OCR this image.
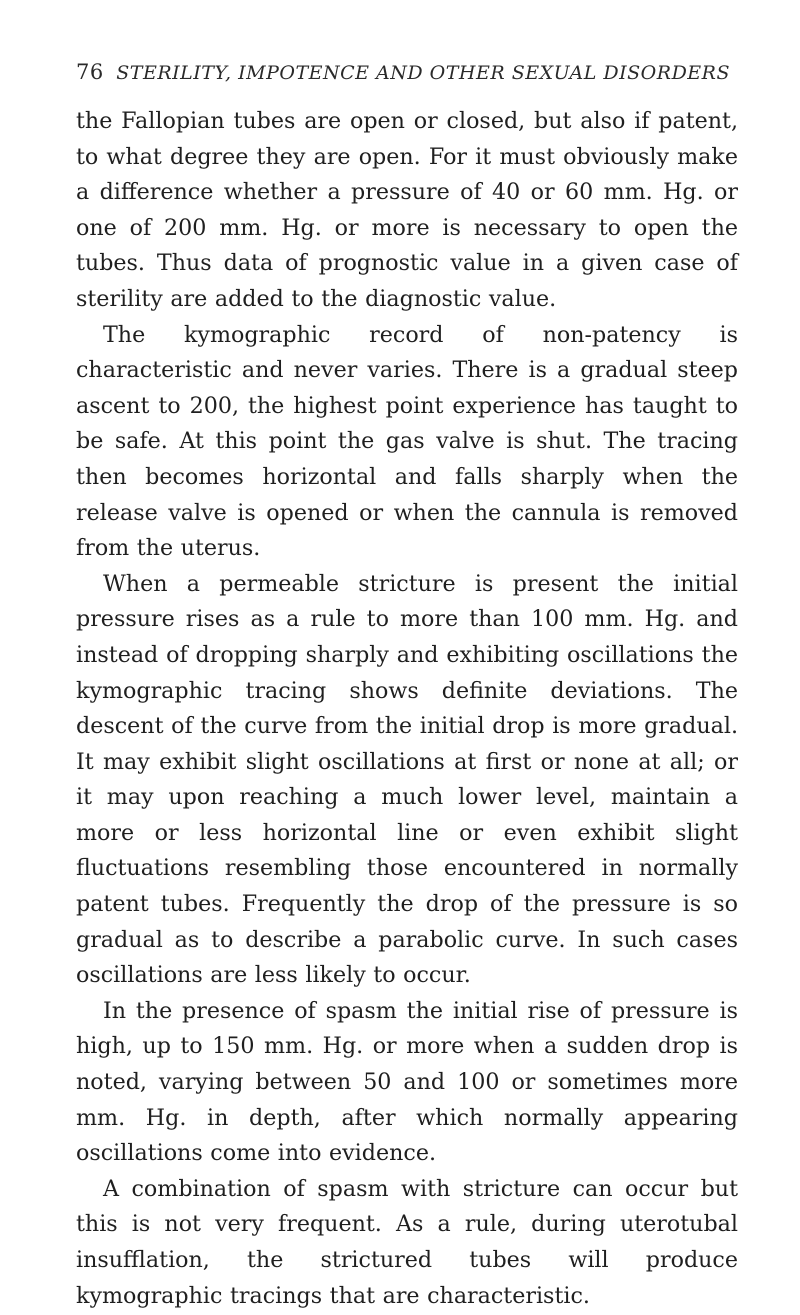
76 STERILITY, IMPOTENCE AND OTHER SEXUAL DISORDERS

the Fallopian tubes are open or closed, but also if patent, to what degree they are open. For it must obviously make a difference whether a pressure of 40 or 60 mm. Hg. or one of 200 mm. Hg. or more is necessary to open the tubes. Thus data of prognostic value in a given case of sterility are added to the diagnostic value.

The kymographic record of non-patency is characteristic and never varies. There is a gradual steep ascent to 200, the highest point experience has taught to be safe. At this point the gas valve is shut. The tracing then becomes horizontal and falls sharply when the release valve is opened or when the cannula is removed from the uterus.

When a permeable stricture is present the initial pressure rises as a rule to more than 100 mm. Hg. and instead of dropping sharply and exhibiting oscillations the kymographic tracing shows definite deviations. The descent of the curve from the initial drop is more gradual. It may exhibit slight oscillations at first or none at all; or it may upon reaching a much lower level, maintain a more or less horizontal line or even exhibit slight fluctuations resembling those encountered in normally patent tubes. Frequently the drop of the pressure is so gradual as to describe a parabolic curve. In such cases oscillations are less likely to occur.

In the presence of spasm the initial rise of pressure is high, up to 150 mm. Hg. or more when a sudden drop is noted, varying between 50 and 100 or sometimes more mm. Hg. in depth, after which normally appearing oscillations come into evidence.

A combination of spasm with stricture can occur but this is not very frequent. As a rule, during uterotubal insufflation, the strictured tubes will produce kymographic tracings that are characteristic.
